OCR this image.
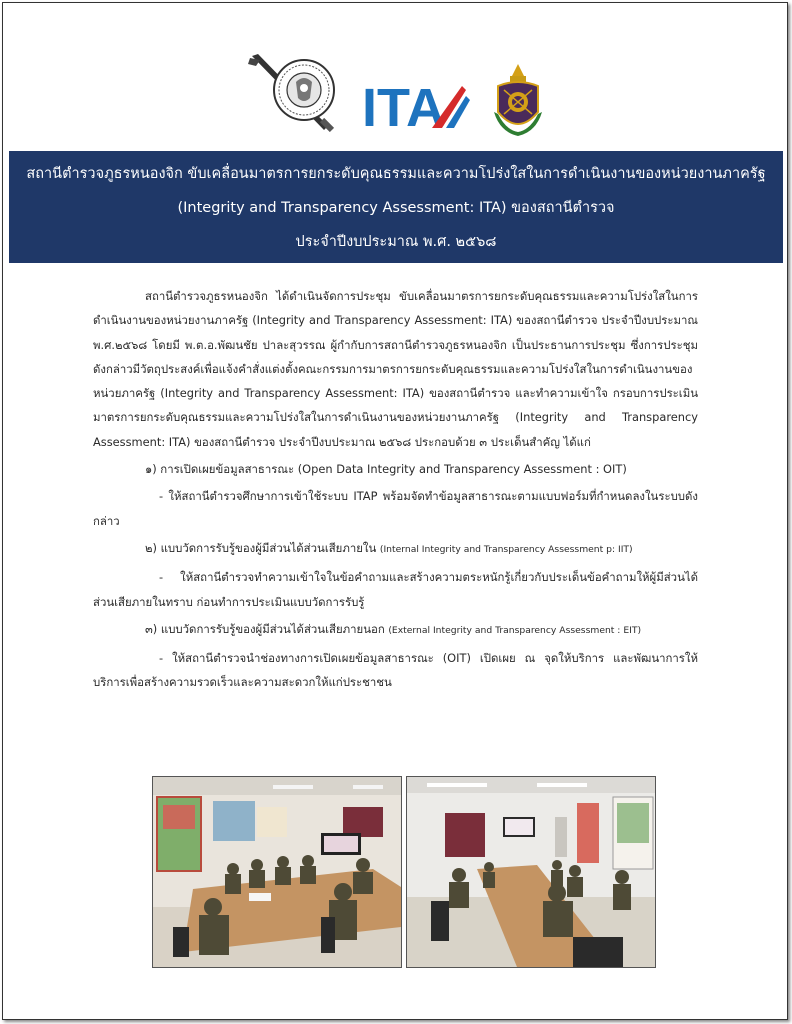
ITA
สถานีตำรวจภูธรหนองจิก ขับเคลื่อนมาตรการยกระดับคุณธรรมและความโปร่งใสในการดำเนินงานของหน่วยงานภาครัฐ
(Integrity and Transparency Assessment: ITA) ของสถานีตำรวจ
ประจำปีงบประมาณ พ.ศ. ๒๕๖๘

สถานีตำรวจภูธรหนองจิก ได้ดำเนินจัดการประชุม ขับเคลื่อนมาตรการยกระดับคุณธรรมและความโปร่งใสในการดำเนินงานของหน่วยงานภาครัฐ (Integrity and Transparency Assessment: ITA) ของสถานีตำรวจ ประจำปีงบประมาณ พ.ศ.๒๕๖๘ โดยมี พ.ต.อ.พัฒนชัย ปาละสุวรรณ ผู้กำกับการสถานีตำรวจภูธรหนองจิก เป็นประธานการประชุม ซึ่งการประชุมดังกล่าวมีวัตถุประสงค์เพื่อแจ้งคำสั่งแต่งตั้งคณะกรรมการมาตรการยกระดับคุณธรรมและความโปร่งใสในการดำเนินงานของหน่วยภาครัฐ (Integrity and Transparency Assessment: ITA) ของสถานีตำรวจ และทำความเข้าใจ กรอบการประเมินมาตรการยกระดับคุณธรรมและความโปร่งใสในการดำเนินงานของหน่วยงานภาครัฐ (Integrity and Transparency Assessment: ITA) ของสถานีตำรวจ ประจำปีงบประมาณ ๒๕๖๘ ประกอบด้วย ๓ ประเด็นสำคัญ ได้แก่

๑) การเปิดเผยข้อมูลสาธารณะ (Open Data Integrity and Transparency Assessment : OIT)

- ให้สถานีตำรวจศึกษาการเข้าใช้ระบบ ITAP พร้อมจัดทำข้อมูลสาธารณะตามแบบฟอร์มที่กำหนดลงในระบบดังกล่าว

๒) แบบวัดการรับรู้ของผู้มีส่วนได้ส่วนเสียภายใน (Internal Integrity and Transparency Assessment p: IIT)

- ให้สถานีตำรวจทำความเข้าใจในข้อคำถามและสร้างความตระหนักรู้เกี่ยวกับประเด็นข้อคำถามให้ผู้มีส่วนได้ส่วนเสียภายในทราบ ก่อนทำการประเมินแบบวัดการรับรู้

๓) แบบวัดการรับรู้ของผู้มีส่วนได้ส่วนเสียภายนอก (External Integrity and Transparency Assessment : EIT)

- ให้สถานีตำรวจนำช่องทางการเปิดเผยข้อมูลสาธารณะ (OIT) เปิดเผย ณ จุดให้บริการ และพัฒนาการให้บริการเพื่อสร้างความรวดเร็วและความสะดวกให้แก่ประชาชน
